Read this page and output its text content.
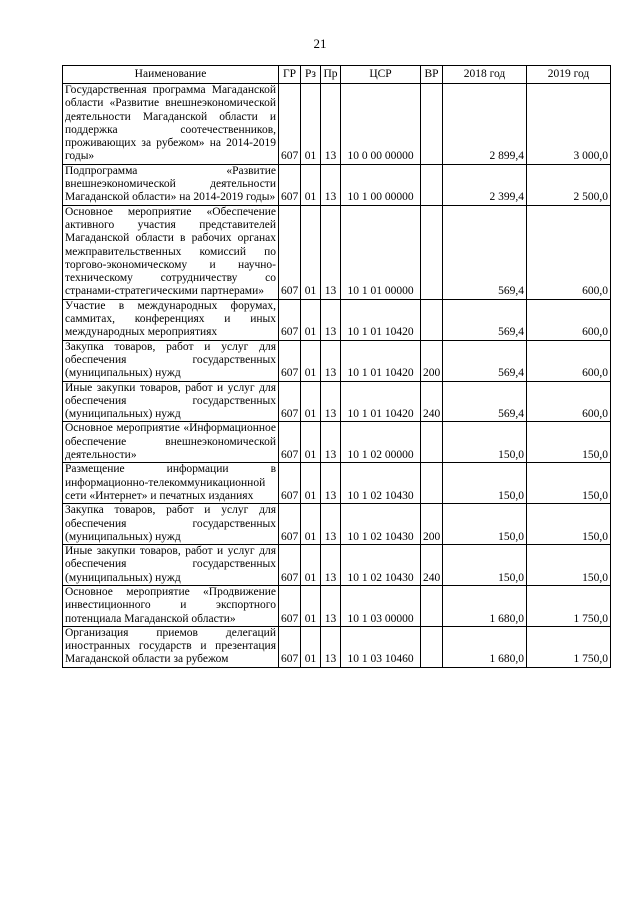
21
Наименование	ГР	Рз	Пр	ЦСР	ВР	2018 год	2019 год
Государственная программа Магаданской области «Развитие внешнеэкономической деятельности Магаданской области и поддержка соотечественников, проживающих за рубежом» на 2014-2019 годы»	607	01	13	10 0 00 00000		2 899,4	3 000,0
Подпрограмма «Развитие внешнеэкономической деятельности Магаданской области» на 2014-2019 годы»	607	01	13	10 1 00 00000		2 399,4	2 500,0
Основное мероприятие «Обеспечение активного участия представителей Магаданской области в рабочих органах межправительственных комиссий по торгово-экономическому и научно-техническому сотрудничеству со странами-стратегическими партнерами»	607	01	13	10 1 01 00000		569,4	600,0
Участие в международных форумах, саммитах, конференциях и иных международных мероприятиях	607	01	13	10 1 01 10420		569,4	600,0
Закупка товаров, работ и услуг для обеспечения государственных (муниципальных) нужд	607	01	13	10 1 01 10420	200	569,4	600,0
Иные закупки товаров, работ и услуг для обеспечения государственных (муниципальных) нужд	607	01	13	10 1 01 10420	240	569,4	600,0
Основное мероприятие «Информационное обеспечение внешнеэкономической деятельности»	607	01	13	10 1 02 00000		150,0	150,0
Размещение информации в информационно-телекоммуникационной сети «Интернет» и печатных изданиях	607	01	13	10 1 02 10430		150,0	150,0
Закупка товаров, работ и услуг для обеспечения государственных (муниципальных) нужд	607	01	13	10 1 02 10430	200	150,0	150,0
Иные закупки товаров, работ и услуг для обеспечения государственных (муниципальных) нужд	607	01	13	10 1 02 10430	240	150,0	150,0
Основное мероприятие «Продвижение инвестиционного и экспортного потенциала Магаданской области»	607	01	13	10 1 03 00000		1 680,0	1 750,0
Организация приемов делегаций иностранных государств и презентация Магаданской области за рубежом	607	01	13	10 1 03 10460		1 680,0	1 750,0
